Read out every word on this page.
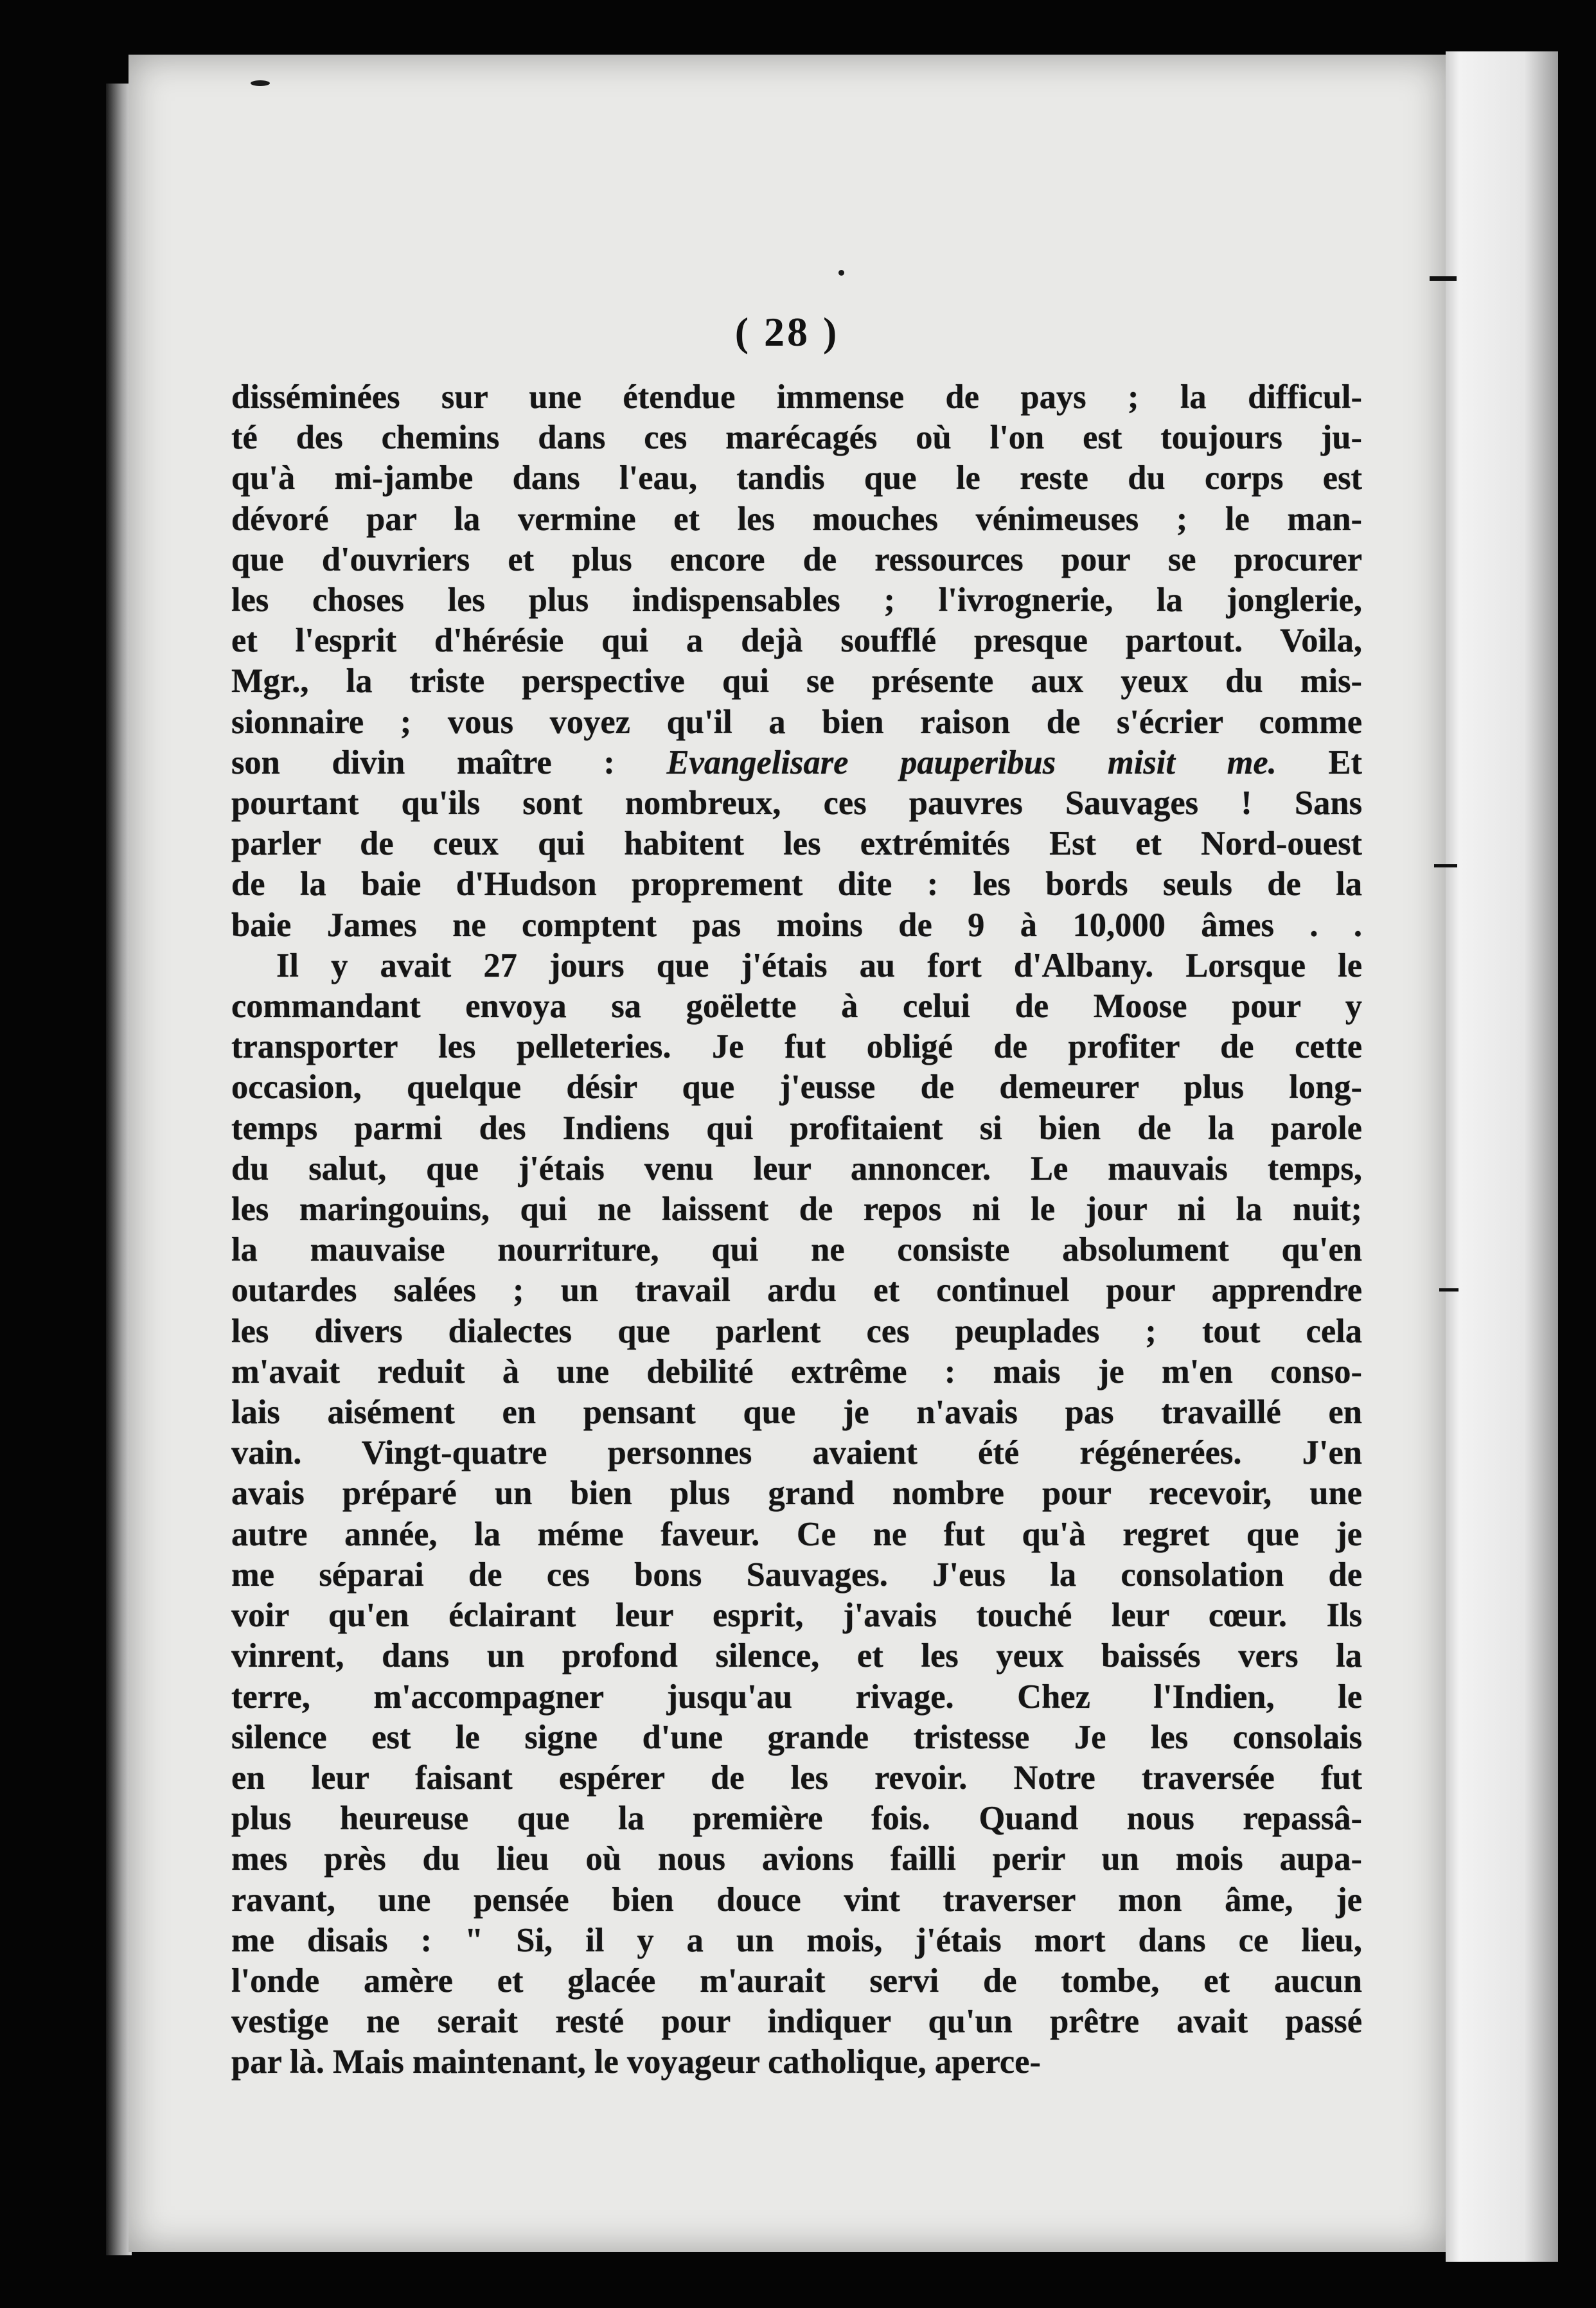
( 28 )
disséminées sur une étendue immense de pays ; la difficul-
té des chemins dans ces marécagés où l'on est toujours ju-
qu'à mi-jambe dans l'eau, tandis que le reste du corps est
dévoré par la vermine et les mouches vénimeuses ; le man-
que d'ouvriers et plus encore de ressources pour se procurer
les choses les plus indispensables ; l'ivrognerie, la jonglerie,
et l'esprit d'hérésie qui a dejà soufflé presque partout. Voila,
Mgr., la triste perspective qui se présente aux yeux du mis-
sionnaire ; vous voyez qu'il a bien raison de s'écrier comme
son divin maître : Evangelisare pauperibus misit me. Et
pourtant qu'ils sont nombreux, ces pauvres Sauvages ! Sans
parler de ceux qui habitent les extrémités Est et Nord-ouest
de la baie d'Hudson proprement dite : les bords seuls de la
baie James ne comptent pas moins de 9 à 10,000 âmes . .
Il y avait 27 jours que j'étais au fort d'Albany. Lorsque le
commandant envoya sa goëlette à celui de Moose pour y
transporter les pelleteries. Je fut obligé de profiter de cette
occasion, quelque désir que j'eusse de demeurer plus long-
temps parmi des Indiens qui profitaient si bien de la parole
du salut, que j'étais venu leur annoncer. Le mauvais temps,
les maringouins, qui ne laissent de repos ni le jour ni la nuit;
la mauvaise nourriture, qui ne consiste absolument qu'en
outardes salées ; un travail ardu et continuel pour apprendre
les divers dialectes que parlent ces peuplades ; tout cela
m'avait reduit à une debilité extrême : mais je m'en conso-
lais aisément en pensant que je n'avais pas travaillé en
vain. Vingt-quatre personnes avaient été régénerées. J'en
avais préparé un bien plus grand nombre pour recevoir, une
autre année, la méme faveur. Ce ne fut qu'à regret que je
me séparai de ces bons Sauvages. J'eus la consolation de
voir qu'en éclairant leur esprit, j'avais touché leur cœur. Ils
vinrent, dans un profond silence, et les yeux baissés vers la
terre, m'accompagner jusqu'au rivage. Chez l'Indien, le
silence est le signe d'une grande tristesse Je les consolais
en leur faisant espérer de les revoir. Notre traversée fut
plus heureuse que la première fois. Quand nous repassâ-
mes près du lieu où nous avions failli perir un mois aupa-
ravant, une pensée bien douce vint traverser mon âme, je
me disais : " Si, il y a un mois, j'étais mort dans ce lieu,
l'onde amère et glacée m'aurait servi de tombe, et aucun
vestige ne serait resté pour indiquer qu'un prêtre avait passé
par là. Mais maintenant, le voyageur catholique, aperce-
